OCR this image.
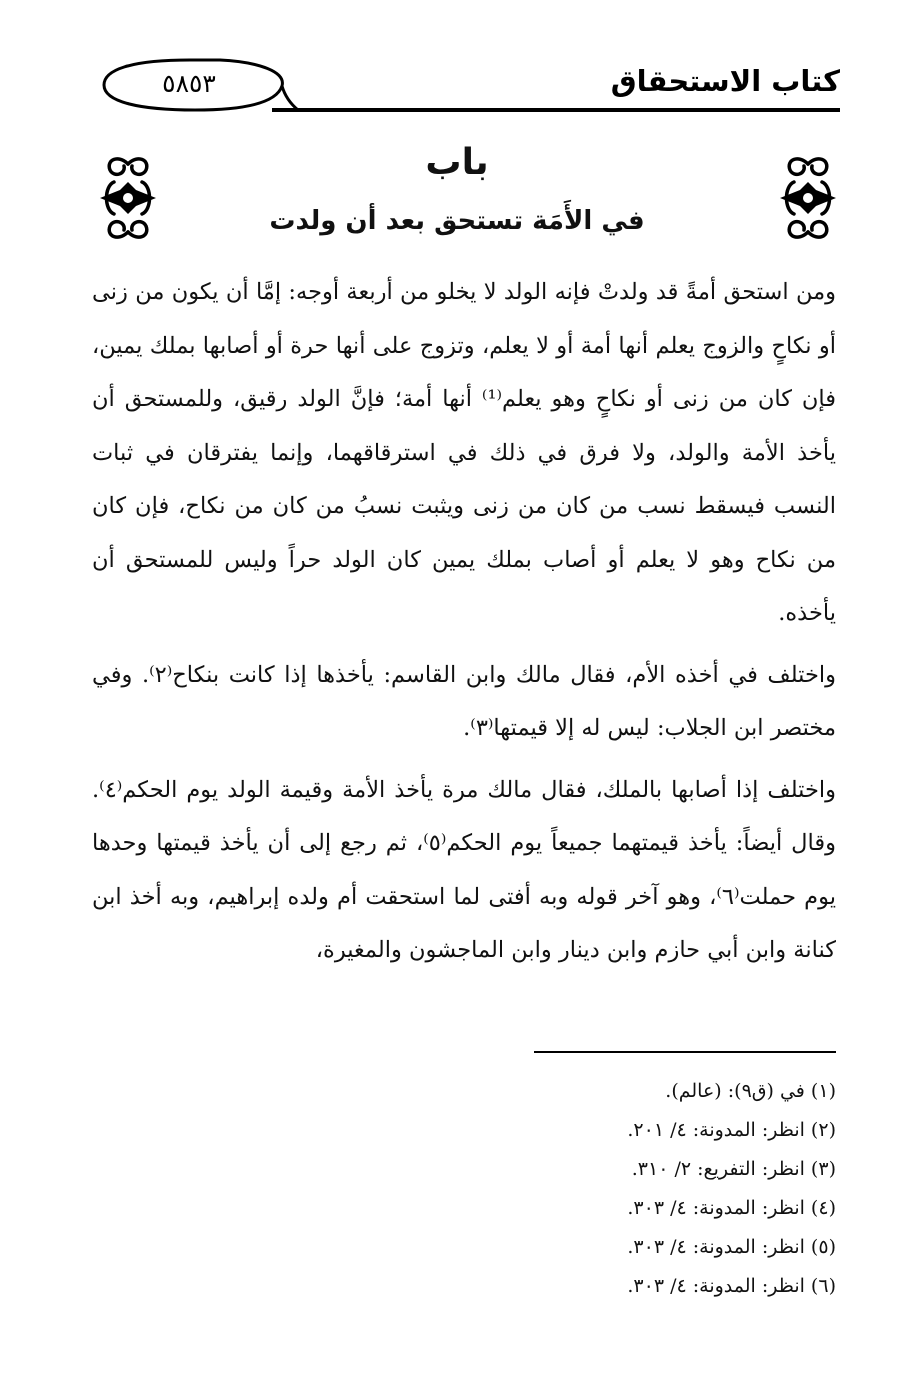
كتاب الاستحقاق
٥٨٥٣
باب
في الأَمَة تستحق بعد أن ولدت

ومن استحق أمةً قد ولدتْ فإنه الولد لا يخلو من أربعة أوجه: إمَّا أن يكون من زنى أو نكاحٍ والزوج يعلم أنها أمة أو لا يعلم، وتزوج على أنها حرة أو أصابها بملك يمين، فإن كان من زنى أو نكاحٍ وهو يعلم⁽¹⁾ أنها أمة؛ فإنَّ الولد رقيق، وللمستحق أن يأخذ الأمة والولد، ولا فرق في ذلك في استرقاقهما، وإنما يفترقان في ثبات النسب فيسقط نسب من كان من زنى ويثبت نسبُ من كان من نكاح، فإن كان من نكاح وهو لا يعلم أو أصاب بملك يمين كان الولد حراً وليس للمستحق أن يأخذه.

واختلف في أخذه الأم، فقال مالك وابن القاسم: يأخذها إذا كانت بنكاح⁽٢⁾. وفي مختصر ابن الجلاب: ليس له إلا قيمتها⁽٣⁾.

واختلف إذا أصابها بالملك، فقال مالك مرة يأخذ الأمة وقيمة الولد يوم الحكم⁽٤⁾. وقال أيضاً: يأخذ قيمتهما جميعاً يوم الحكم⁽٥⁾، ثم رجع إلى أن يأخذ قيمتها وحدها يوم حملت⁽٦⁾، وهو آخر قوله وبه أفتى لما استحقت أم ولده إبراهيم، وبه أخذ ابن كنانة وابن أبي حازم وابن دينار وابن الماجشون والمغيرة،

(١) في (ق٩): (عالم).
(٢) انظر: المدونة: ٤/ ٢٠١.
(٣) انظر: التفريع: ٢/ ٣١٠.
(٤) انظر: المدونة: ٤/ ٣٠٣.
(٥) انظر: المدونة: ٤/ ٣٠٣.
(٦) انظر: المدونة: ٤/ ٣٠٣.
